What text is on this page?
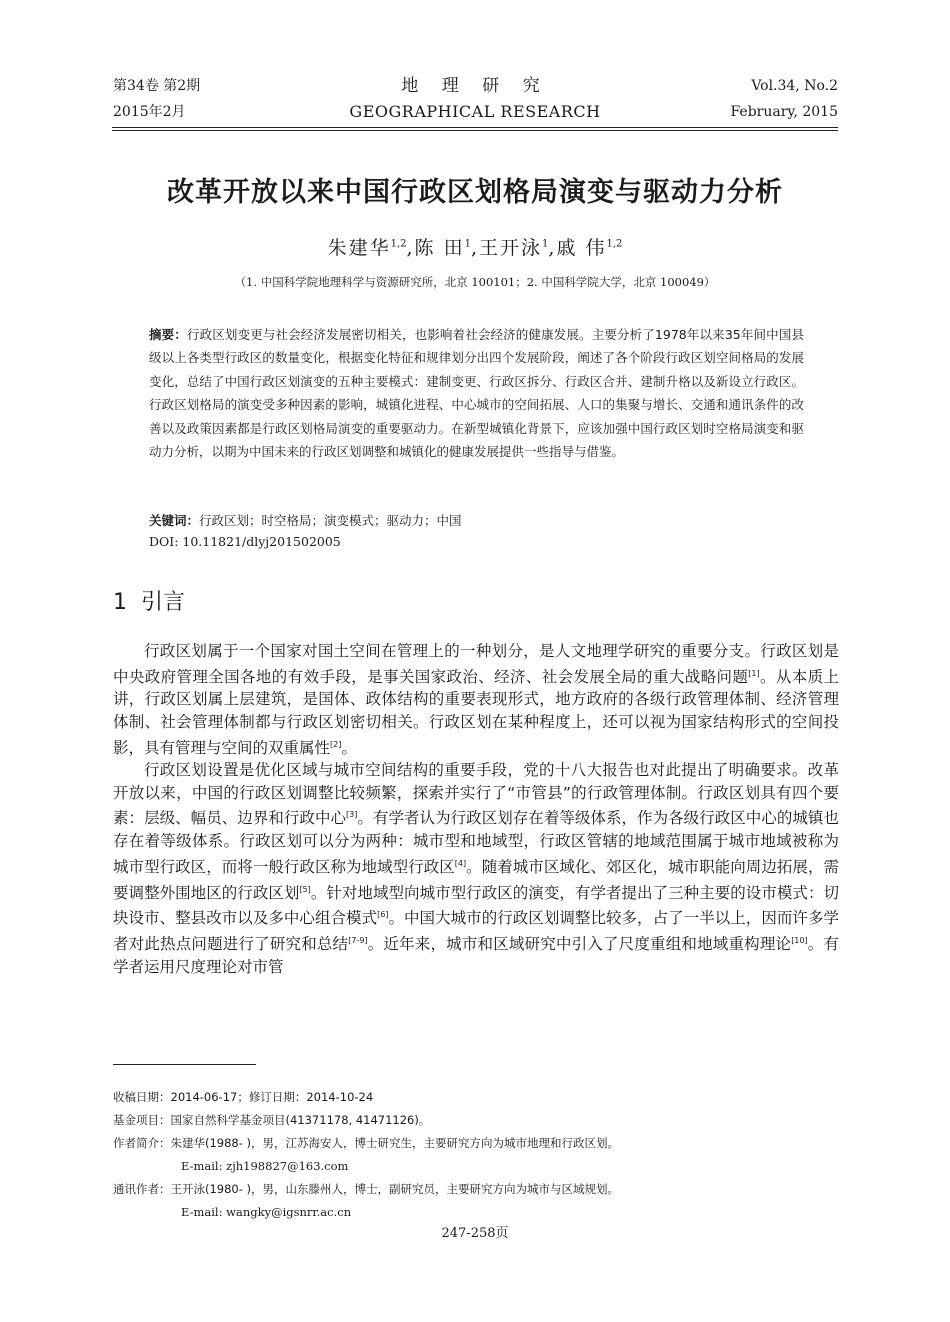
第34卷 第2期
2015年2月
地 理 研 究
GEOGRAPHICAL RESEARCH
Vol.34, No.2
February, 2015
改革开放以来中国行政区划格局演变与驱动力分析
朱建华$^{1,2}$,陈 田$^1$,王开泳$^1$,戚 伟$^{1,2}$
（1. 中国科学院地理科学与资源研究所，北京 100101；2. 中国科学院大学，北京 100049）
摘要：行政区划变更与社会经济发展密切相关，也影响着社会经济的健康发展。主要分析了1978年以来35年间中国县级以上各类型行政区的数量变化，根据变化特征和规律划分出四个发展阶段，阐述了各个阶段行政区划空间格局的发展变化，总结了中国行政区划演变的五种主要模式：建制变更、行政区拆分、行政区合并、建制升格以及新设立行政区。行政区划格局的演变受多种因素的影响，城镇化进程、中心城市的空间拓展、人口的集聚与增长、交通和通讯条件的改善以及政策因素都是行政区划格局演变的重要驱动力。在新型城镇化背景下，应该加强中国行政区划时空格局演变和驱动力分析，以期为中国未来的行政区划调整和城镇化的健康发展提供一些指导与借鉴。
关键词：行政区划；时空格局；演变模式；驱动力；中国
DOI: 10.11821/dlyj201502005
1 引言

行政区划属于一个国家对国土空间在管理上的一种划分，是人文地理学研究的重要分支。行政区划是中央政府管理全国各地的有效手段，是事关国家政治、经济、社会发展全局的重大战略问题[1]。从本质上讲，行政区划属上层建筑，是国体、政体结构的重要表现形式，地方政府的各级行政管理体制、经济管理体制、社会管理体制都与行政区划密切相关。行政区划在某种程度上，还可以视为国家结构形式的空间投影，具有管理与空间的双重属性[2]。

行政区划设置是优化区域与城市空间结构的重要手段，党的十八大报告也对此提出了明确要求。改革开放以来，中国的行政区划调整比较频繁，探索并实行了“市管县”的行政管理体制。行政区划具有四个要素：层级、幅员、边界和行政中心[3]。有学者认为行政区划存在着等级体系，作为各级行政区中心的城镇也存在着等级体系。行政区划可以分为两种：城市型和地域型，行政区管辖的地域范围属于城市地域被称为城市型行政区，而将一般行政区称为地域型行政区[4]。随着城市区域化、郊区化，城市职能向周边拓展，需要调整外围地区的行政区划[5]。针对地域型向城市型行政区的演变，有学者提出了三种主要的设市模式：切块设市、整县改市以及多中心组合模式[6]。中国大城市的行政区划调整比较多，占了一半以上，因而许多学者对此热点问题进行了研究和总结[7-9]。近年来，城市和区域研究中引入了尺度重组和地域重构理论[10]。有学者运用尺度理论对市管

收稿日期：2014-06-17；修订日期：2014-10-24
基金项目：国家自然科学基金项目(41371178, 41471126)。
作者简介：朱建华(1988- )，男，江苏海安人，博士研究生，主要研究方向为城市地理和行政区划。
E-mail: zjh198827@163.com
通讯作者：王开泳(1980- )，男，山东滕州人，博士，副研究员，主要研究方向为城市与区域规划。
E-mail: wangky@igsnrr.ac.cn
247-258页
